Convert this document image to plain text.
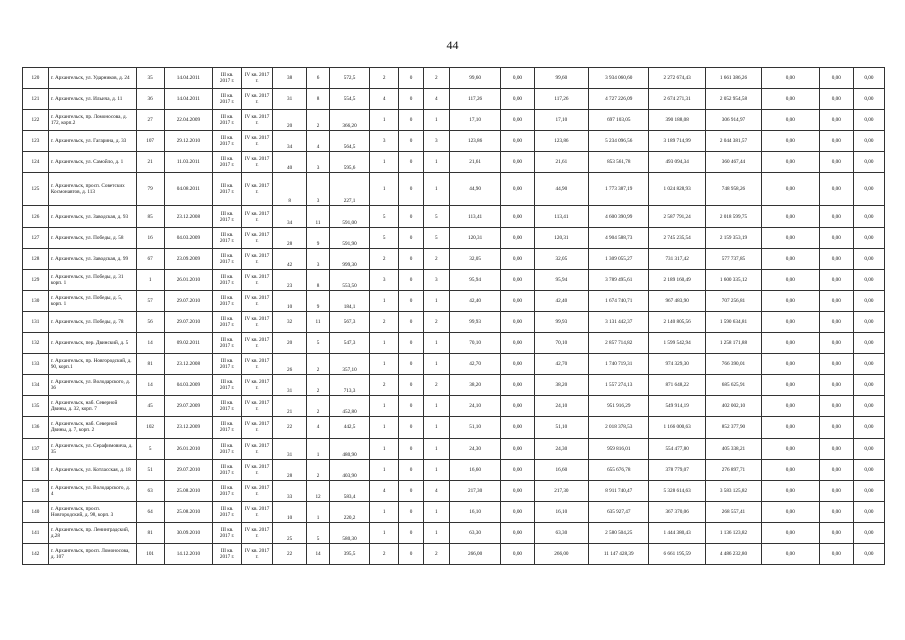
44
120	г. Архангельск, ул. Ударников, д. 24	35	14.04.2011	III кв. 2017 г.	IV кв. 2017 г.	38	6	572,5	2	0	2	99,60	0,00	99,60	3 934 060,60	2 272 674,43	1 661 386,26	0,00	0,00	0,00
121	г. Архангельск, ул. Ильича, д. 11	36	14.04.2011	III кв. 2017 г.	IV кв. 2017 г.	31	8	554,5	4	0	4	117,26	0,00	117,26	4 727 226,09	2 674 271,31	2 052 954,58	0,00	0,00	0,00
122	г. Архангельск, пр. Ломоносова, д. 172, корп.2	27	22.04.2009	III кв. 2017 г.	IV кв. 2017 г.	20	2	366,20	1	0	1	17,10	0,00	17,10	697 103,05	390 188,08	306 914,97	0,00	0,00	0,00
123	г. Архангельск, ул. Гагарина, д. 33	107	29.12.2010	III кв. 2017 г.	IV кв. 2017 г.	34	4	564,5	3	0	3	123,86	0,00	123,86	5 234 096,56	3 189 714,99	2 044 381,57	0,00	0,00	0,00
124	г. Архангельск, ул. Самойло, д. 1	21	11.03.2011	III кв. 2017 г.	IV кв. 2017 г.	40	3	595,6	1	0	1	21,61	0,00	21,61	853 561,78	493 094,34	360 467,44	0,00	0,00	0,00
125	г. Архангельск, просп. Советских Космонавтов, д. 113	79	04.08.2011	III кв. 2017 г.	IV кв. 2017 г.	8	3	227,1	1	0	1	44,90	0,00	44,90	1 773 387,19	1 024 828,93	748 958,26	0,00	0,00	0,00
126	г. Архангельск, ул. Заводская, д. 93	85	23.12.2008	III кв. 2017 г.	IV кв. 2017 г.	34	11	591,00	5	0	5	113,41	0,00	113,41	4 600 390,99	2 587 791,24	2 018 599,75	0,00	0,00	0,00
127	г. Архангельск, ул. Победы, д. 58	16	04.03.2009	III кв. 2017 г.	IV кв. 2017 г.	28	9	591,90	5	0	5	120,31	0,00	120,31	4 904 588,73	2 745 235,54	2 159 353,19	0,00	0,00	0,00
128	г. Архангельск, ул. Заводская, д. 99	67	23.09.2009	III кв. 2017 г.	IV кв. 2017 г.	42	3	999,30	2	0	2	32,05	0,00	32,05	1 309 055,27	731 317,42	577 737,85	0,00	0,00	0,00
129	г. Архангельск, ул. Победы, д. 31 корп. 1	1	26.01.2010	III кв. 2017 г.	IV кв. 2017 г.	23	8	553,50	3	0	3	95,94	0,00	95,94	3 789 495,61	2 189 160,49	1 600 335,12	0,00	0,00	0,00
130	г. Архангельск, ул. Победы, д. 5, корп. 1	57	29.07.2010	III кв. 2017 г.	IV кв. 2017 г.	10	9	184,1	1	0	1	42,40	0,00	42,40	1 674 740,71	967 483,90	707 256,81	0,00	0,00	0,00
131	г. Архангельск, ул. Победы, д. 78	56	29.07.2010	III кв. 2017 г.	IV кв. 2017 г.	32	11	567,3	2	0	2	99,93	0,00	99,93	3 131 442,37	2 140 805,56	1 590 634,81	0,00	0,00	0,00
132	г. Архангельск, пер. Двинский, д. 5	14	09.02.2011	III кв. 2017 г.	IV кв. 2017 г.	20	5	547,3	1	0	1	70,10	0,00	70,10	2 857 714,82	1 599 542,94	1 258 171,88	0,00	0,00	0,00
133	г. Архангельск, пр. Новгородский, д. 90, корп.1	81	23.12.2008	III кв. 2017 г.	IV кв. 2017 г.	26	2	357,10	1	0	1	42,70	0,00	42,70	1 740 719,31	974 329,30	766 390,01	0,00	0,00	0,00
134	г. Архангельск, ул. Володарского, д. 36	14	04.03.2009	III кв. 2017 г.	IV кв. 2017 г.	31	2	713,3	2	0	2	38,20	0,00	38,20	1 557 274,13	871 648,22	685 625,91	0,00	0,00	0,00
135	г. Архангельск, наб. Северной Двины, д. 32, корп. 7	45	29.07.2009	III кв. 2017 г.	IV кв. 2017 г.	21	2	452,80	1	0	1	24,10	0,00	24,10	951 916,29	549 914,19	402 002,10	0,00	0,00	0,00
136	г. Архангельск, наб. Северной Двины, д. 7, корп. 2	102	23.12.2009	III кв. 2017 г.	IV кв. 2017 г.	22	4	442,5	1	0	1	51,10	0,00	51,10	2 018 378,53	1 166 000,63	852 377,90	0,00	0,00	0,00
137	г. Архангельск, ул. Серафимовича, д. 35	5	26.01.2010	III кв. 2017 г.	IV кв. 2017 г.	31	1	480,90	1	0	1	24,30	0,00	24,30	959 816,01	554 477,80	405 338,21	0,00	0,00	0,00
138	г. Архангельск, ул. Котласская, д. 18	51	29.07.2010	III кв. 2017 г.	IV кв. 2017 г.	28	2	403,90	1	0	1	16,60	0,00	16,60	655 676,78	378 779,07	276 897,71	0,00	0,00	0,00
139	г. Архангельск, ул. Володарского, д. 4	63	25.08.2010	III кв. 2017 г.	IV кв. 2017 г.	33	12	583,4	4	0	4	217,30	0,00	217,30	8 911 740,47	5 328 614,63	3 583 125,82	0,00	0,00	0,00
140	г. Архангельск, просп. Новгородский, д. 98, корп. 3	64	25.08.2010	III кв. 2017 г.	IV кв. 2017 г.	10	1	220,2	1	0	1	16,10	0,00	16,10	635 927,47	367 370,06	268 557,41	0,00	0,00	0,00
141	г. Архангельск, пр. Ленинградский, д.28	81	30.09.2010	III кв. 2017 г.	IV кв. 2017 г.	25	5	580,30	1	0	1	63,30	0,00	63,30	2 580 504,25	1 444 380,43	1 136 123,82	0,00	0,00	0,00
142	г. Архангельск, просп. Ломоносова, д. 107	101	14.12.2010	III кв. 2017 г.	IV кв. 2017 г.	22	14	395,5	2	0	2	266,00	0,00	266,00	11 147 428,39	6 661 195,59	4 486 232,80	0,00	0,00	0,00
